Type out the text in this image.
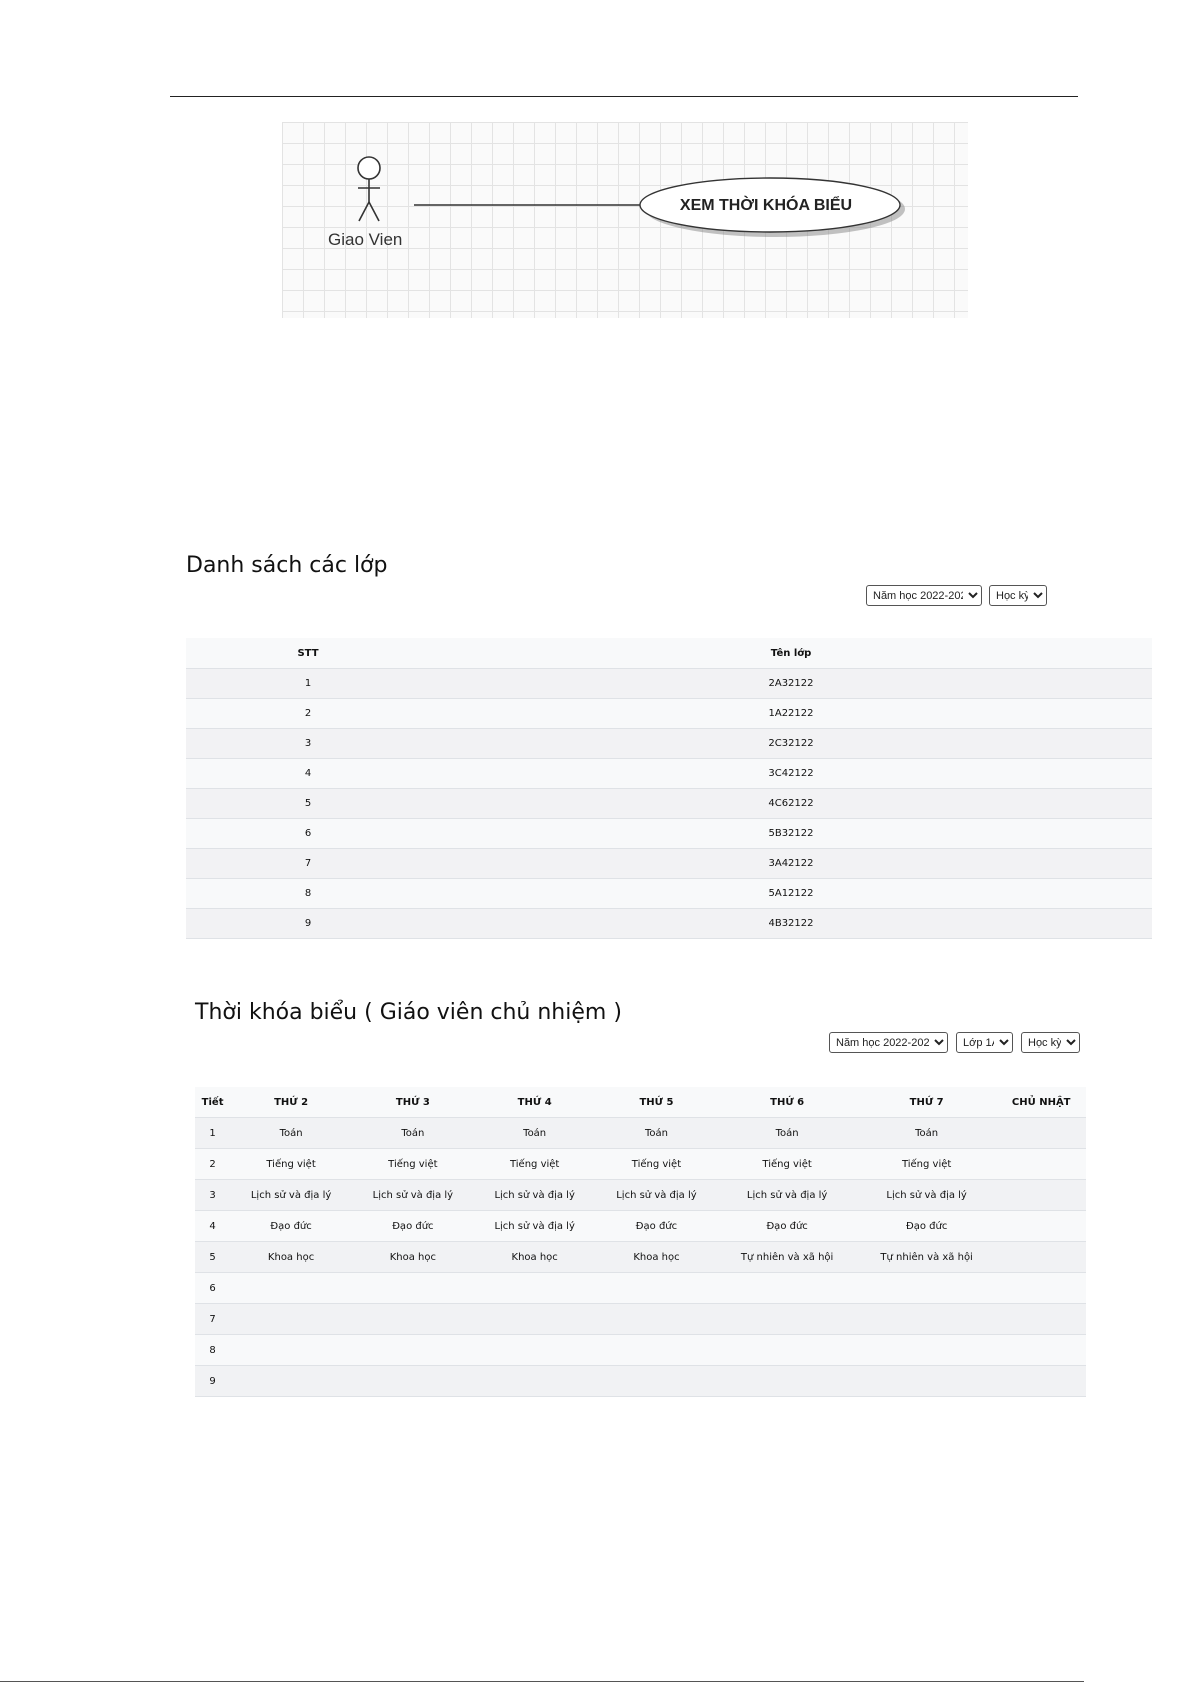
Giao Vien
XEM THỜI KHÓA BIỂU
Danh sách các lớp
Năm học 2022-2023
Học kỳ 1
STT	Tên lớp
1	2A32122
2	1A22122
3	2C32122
4	3C42122
5	4C62122
6	5B32122
7	3A42122
8	5A12122
9	4B32122
Thời khóa biểu ( Giáo viên chủ nhiệm )
Năm học 2022-2023
Lớp 1A1
Học kỳ 1
Tiết	THỨ 2	THỨ 3	THỨ 4	THỨ 5	THỨ 6	THỨ 7	CHỦ NHẬT
1	Toán	Toán	Toán	Toán	Toán	Toán	
2	Tiếng việt	Tiếng việt	Tiếng việt	Tiếng việt	Tiếng việt	Tiếng việt	
3	Lịch sử và địa lý	Lịch sử và địa lý	Lịch sử và địa lý	Lịch sử và địa lý	Lịch sử và địa lý	Lịch sử và địa lý	
4	Đạo đức	Đạo đức	Lịch sử và địa lý	Đạo đức	Đạo đức	Đạo đức	
5	Khoa học	Khoa học	Khoa học	Khoa học	Tự nhiên và xã hội	Tự nhiên và xã hội	
6							
7							
8							
9							
